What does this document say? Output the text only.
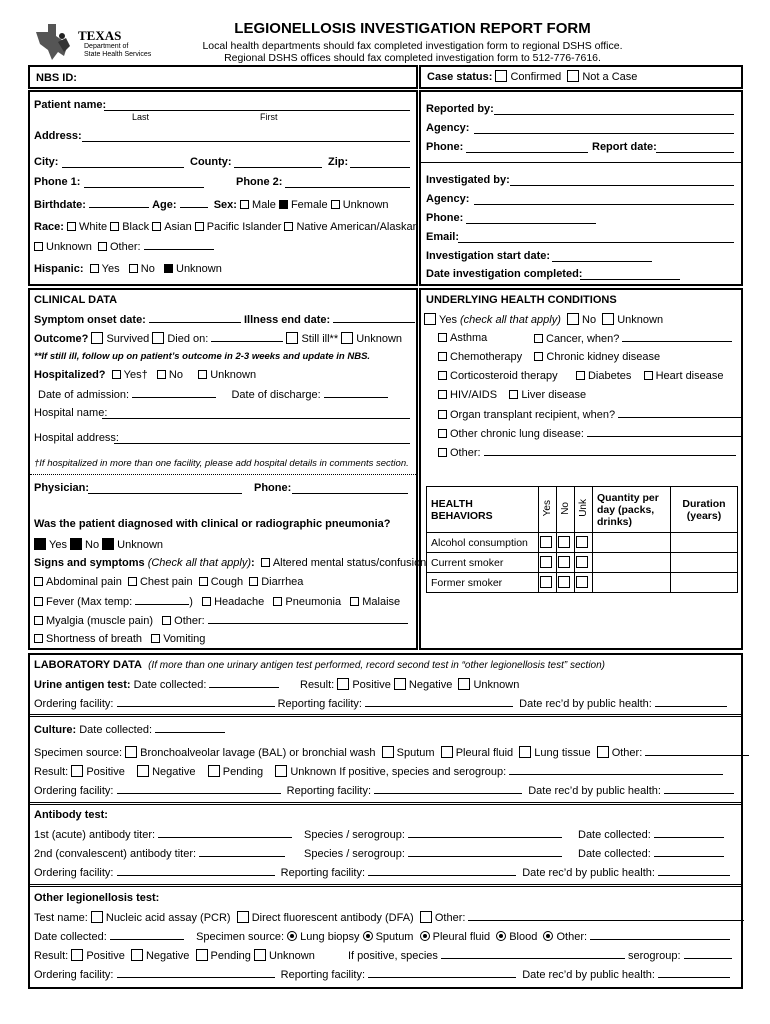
TEXAS
Department of
State Health Services
LEGIONELLOSIS INVESTIGATION REPORT FORM
Local health departments should fax completed investigation form to regional DSHS office.
Regional DSHS offices should fax completed investigation form to 512-776-7616.
NBS ID:	Case status: Confirmed Not a Case
Patient name:
Last	First
Address:
City:	County:	Zip:
Phone 1:	Phone 2:
Birthdate:	Age:	Sex: Male Female Unknown
Race: White Black Asian Pacific Islander Native American/Alaskan
Unknown Other:
Hispanic: Yes No Unknown
Reported by:
Agency:
Phone:	Report date:
Investigated by:
Agency:
Phone:
Email:
Investigation start date:
Date investigation completed:
CLINICAL DATA
Symptom onset date:	Illness end date:
Outcome? Survived Died on:	Still ill** Unknown
**If still ill, follow up on patient’s outcome in 2-3 weeks and update in NBS.
Hospitalized? Yes† No Unknown
Date of admission:	Date of discharge:
Hospital name:
Hospital address:
†If hospitalized in more than one facility, please add hospital details in comments section.
Physician:	Phone:
Was the patient diagnosed with clinical or radiographic pneumonia?
Yes No Unknown
Signs and symptoms (Check all that apply): Altered mental status/confusion
Abdominal pain Chest pain Cough Diarrhea
Fever (Max temp:	)   Headache Pneumonia Malaise
Myalgia (muscle pain) Other:
Shortness of breath Vomiting
UNDERLYING HEALTH CONDITIONS
Yes (check all that apply) No Unknown
Asthma	Cancer, when?
Chemotherapy Chronic kidney disease
Corticosteroid therapy	Diabetes Heart disease
HIV/AIDS Liver disease
Organ transplant recipient, when?
Other chronic lung disease:
Other:
HEALTH
BEHAVIORS	Yes	No	Unk	Quantity per day (packs, drinks)	Duration (years)
Alcohol consumption					
Current smoker					
Former smoker					
LABORATORY DATA (If more than one urinary antigen test performed, record second test in “other legionellosis test” section)
Urine antigen test: Date collected:	Result: Positive Negative Unknown
Ordering facility:	Reporting facility:	Date rec’d by public health:
Culture: Date collected:
Specimen source: Bronchoalveolar lavage (BAL) or bronchial wash Sputum Pleural fluid Lung tissue Other:
Result: Positive Negative Pending Unknown If positive, species and serogroup:
Ordering facility:	Reporting facility:	Date rec’d by public health:
Antibody test:
1st (acute) antibody titer:	Species / serogroup:	Date collected:
2nd (convalescent) antibody titer:	Species / serogroup:	Date collected:
Ordering facility:	Reporting facility:	Date rec’d by public health:
Other legionellosis test:
Test name: Nucleic acid assay (PCR) Direct fluorescent antibody (DFA) Other:
Date collected:	Specimen source: Lung biopsy Sputum Pleural fluid Blood Other:
Result: Positive Negative Pending Unknown	If positive, species	serogroup:
Ordering facility:	Reporting facility:	Date rec’d by public health:
